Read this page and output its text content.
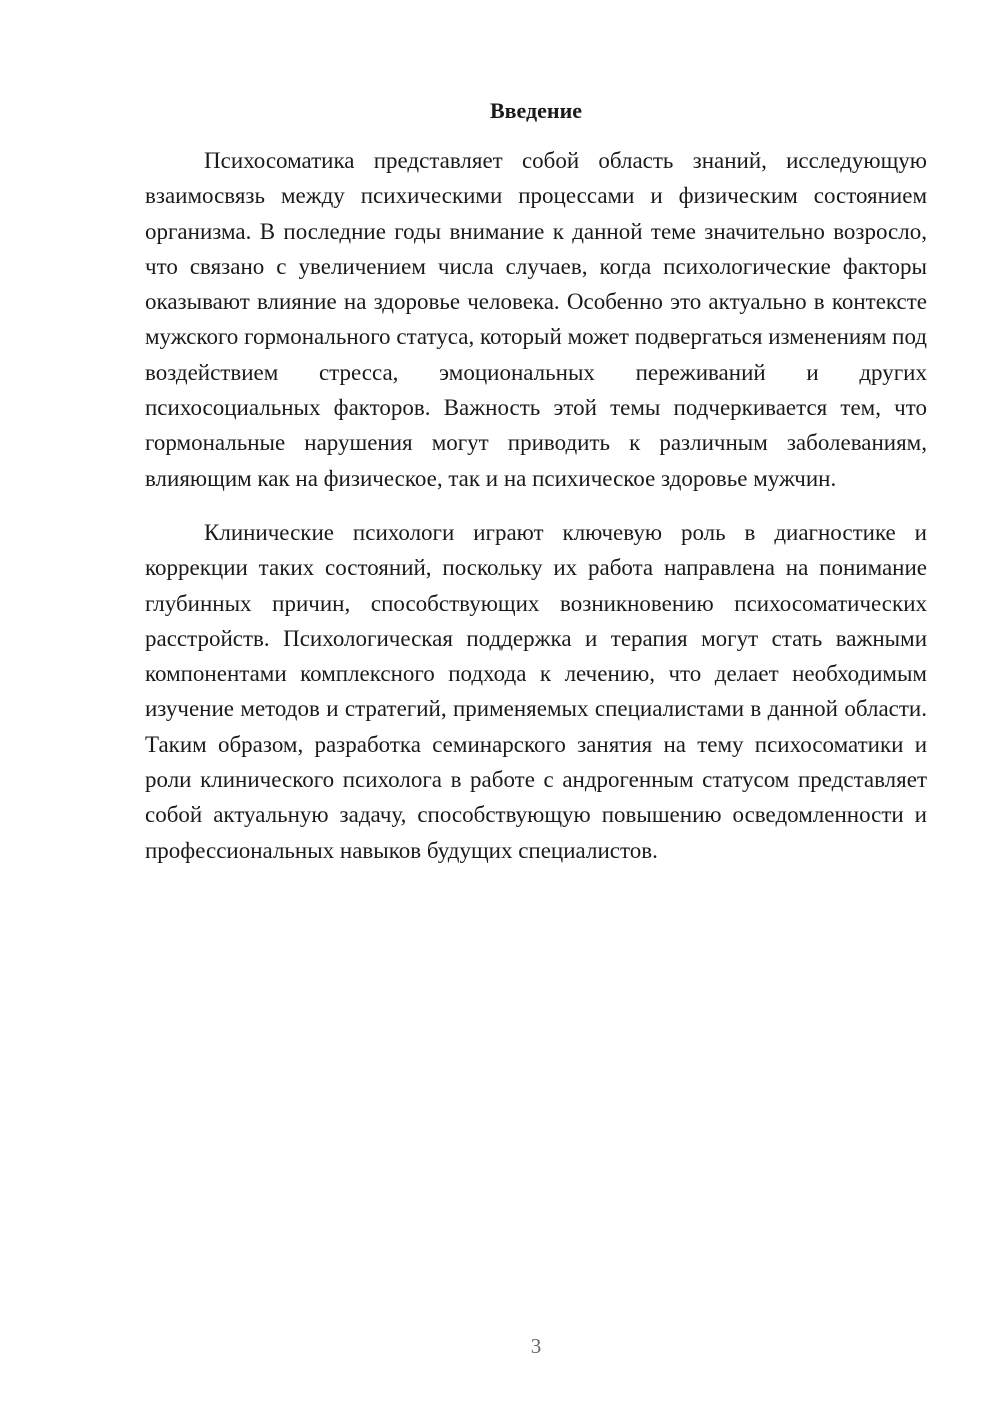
Введение

Психосоматика представляет собой область знаний, исследующую взаимосвязь между психическими процессами и физическим состоянием организма. В последние годы внимание к данной теме значительно возросло, что связано с увеличением числа случаев, когда психологические факторы оказывают влияние на здоровье человека. Особенно это актуально в контексте мужского гормонального статуса, который может подвергаться изменениям под воздействием стресса, эмоциональных переживаний и других психосоциальных факторов. Важность этой темы подчеркивается тем, что гормональные нарушения могут приводить к различным заболеваниям, влияющим как на физическое, так и на психическое здоровье мужчин.

Клинические психологи играют ключевую роль в диагностике и коррекции таких состояний, поскольку их работа направлена на понимание глубинных причин, способствующих возникновению психосоматических расстройств. Психологическая поддержка и терапия могут стать важными компонентами комплексного подхода к лечению, что делает необходимым изучение методов и стратегий, применяемых специалистами в данной области. Таким образом, разработка семинарского занятия на тему психосоматики и роли клинического психолога в работе с андрогенным статусом представляет собой актуальную задачу, способствующую повышению осведомленности и профессиональных навыков будущих специалистов.

3
